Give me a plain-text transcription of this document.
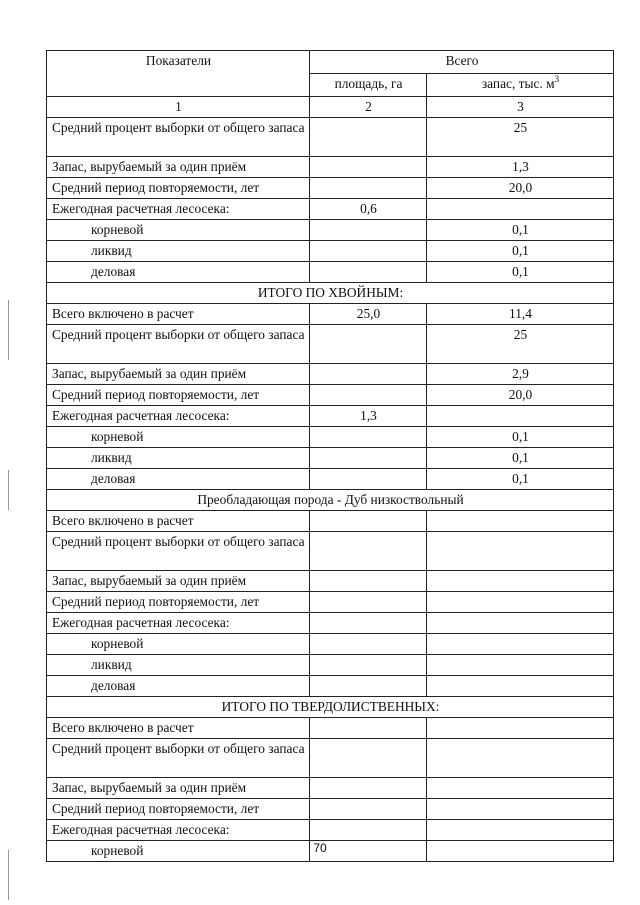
Показатели	Всего	
	площадь, га	запас, тыс. $м^3$
1	2	3
Средний процент выборки от общего запаса		25
Запас, вырубаемый за один приём		1,3
Средний период повторяемости, лет		20,0
Ежегодная расчетная лесосека:	0,6	
корневой		0,1
ликвид		0,1
деловая		0,1
ИТОГО ПО ХВОЙНЫМ:		
Всего включено в расчет	25,0	11,4
Средний процент выборки от общего запаса		25
Запас, вырубаемый за один приём		2,9
Средний период повторяемости, лет		20,0
Ежегодная расчетная лесосека:	1,3	
корневой		0,1
ликвид		0,1
деловая		0,1
Преобладающая порода - Дуб низкоствольный		
Всего включено в расчет		
Средний процент выборки от общего запаса		
Запас, вырубаемый за один приём		
Средний период повторяемости, лет		
Ежегодная расчетная лесосека:		
корневой		
ликвид		
деловая		
ИТОГО ПО ТВЕРДОЛИСТВЕННЫХ:		
Всего включено в расчет		
Средний процент выборки от общего запаса		
Запас, вырубаемый за один приём		
Средний период повторяемости, лет		
Ежегодная расчетная лесосека:		
корневой			70
